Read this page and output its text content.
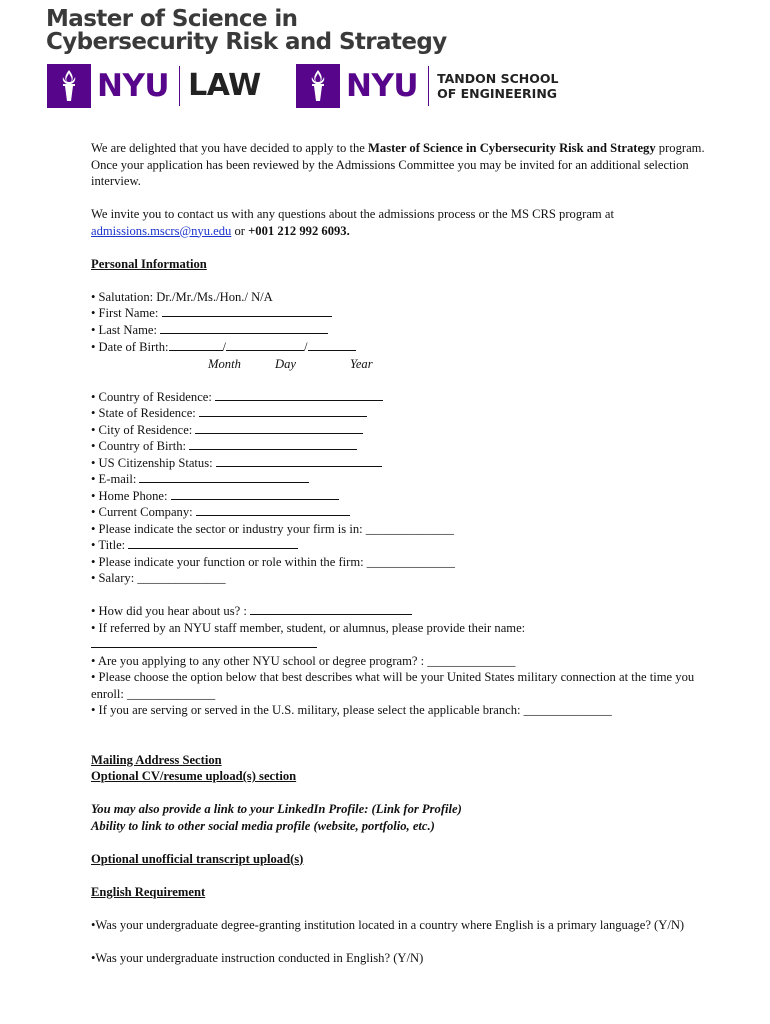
Master of Science in
Cybersecurity Risk and Strategy
NYU LAW	NYU TANDON SCHOOL
OF ENGINEERING

We are delighted that you have decided to apply to the Master of Science in Cybersecurity Risk and Strategy program. Once your application has been reviewed by the Admissions Committee you may be invited for an additional selection interview.

We invite you to contact us with any questions about the admissions process or the MS CRS program at admissions.mscrs@nyu.edu or +001 212 992 6093.

Personal Information

• Salutation: Dr./Mr./Ms./Hon./ N/A

• First Name:

• Last Name:

• Date of Birth:	/	/
Month	Day	Year

• Country of Residence:

• State of Residence:

• City of Residence:

• Country of Birth:

• US Citizenship Status:

• E-mail:

• Home Phone:

• Current Company:

• Please indicate the sector or industry your firm is in: ______________

• Title:

• Please indicate your function or role within the firm: ______________

• Salary: ______________

• How did you hear about us? :

• If referred by an NYU staff member, student, or alumnus, please provide their name:

• Are you applying to any other NYU school or degree program? : ______________

• Please choose the option below that best describes what will be your United States military connection at the time you enroll: ______________

• If you are serving or served in the U.S. military, please select the applicable branch: ______________

Mailing Address Section

Optional CV/resume upload(s) section

You may also provide a link to your LinkedIn Profile: (Link for Profile)

Ability to link to other social media profile (website, portfolio, etc.)

Optional unofficial transcript upload(s)

English Requirement

•Was your undergraduate degree-granting institution located in a country where English is a primary language? (Y/N)

•Was your undergraduate instruction conducted in English? (Y/N)
